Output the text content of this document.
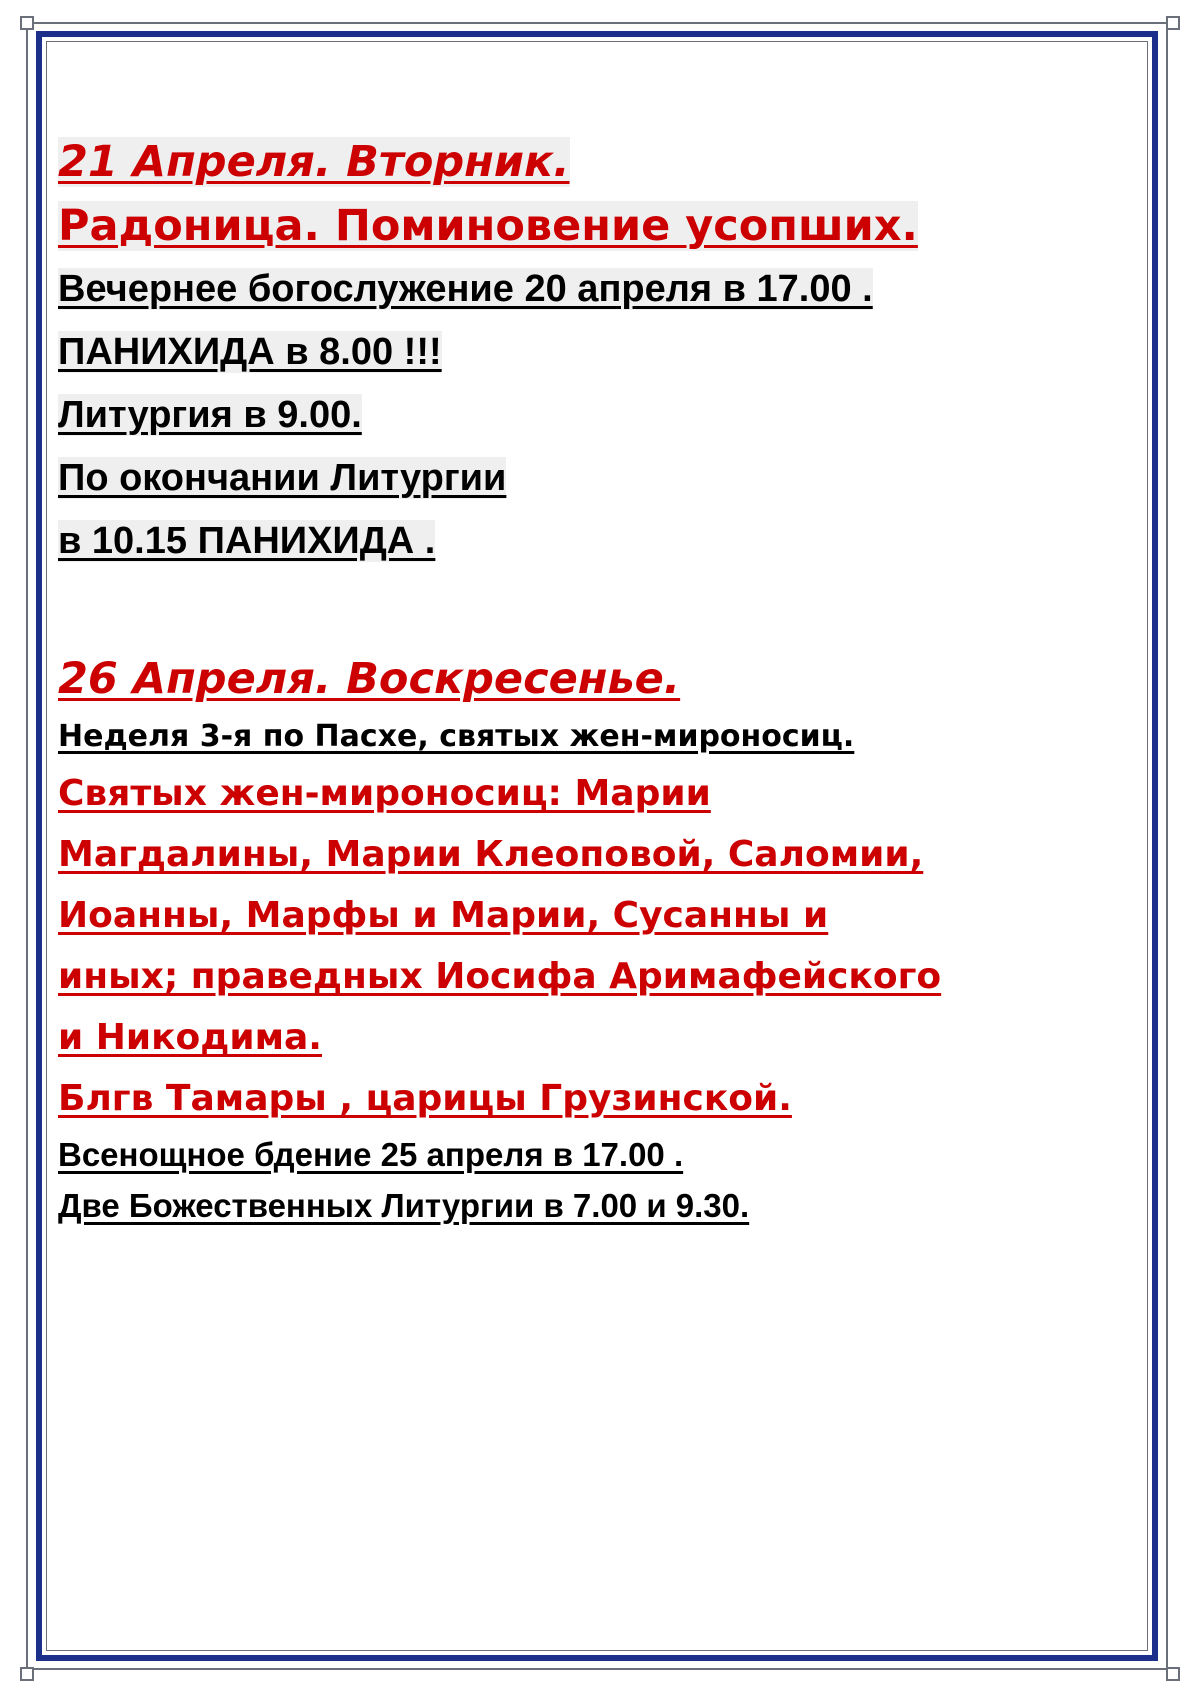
21 Апреля. Вторник.
Радоница. Поминовение усопших.
Вечернее богослужение 20 апреля в 17.00 .
ПАНИХИДА в 8.00 !!!
Литургия в 9.00.
По окончании Литургии
в 10.15 ПАНИХИДА .
26 Апреля. Воскресенье.
Неделя 3-я по Пасхе, святых жен-мироносиц.
Святых жен-мироносиц: Марии
Магдалины, Марии Клеоповой, Саломии,
Иоанны, Марфы и Марии, Сусанны и
иных; праведных Иосифа Аримафейского
и Никодима.
Блгв Тамары , царицы Грузинской.
Всенощное бдение 25 апреля в 17.00 .
Две Божественных Литургии в 7.00 и 9.30.
